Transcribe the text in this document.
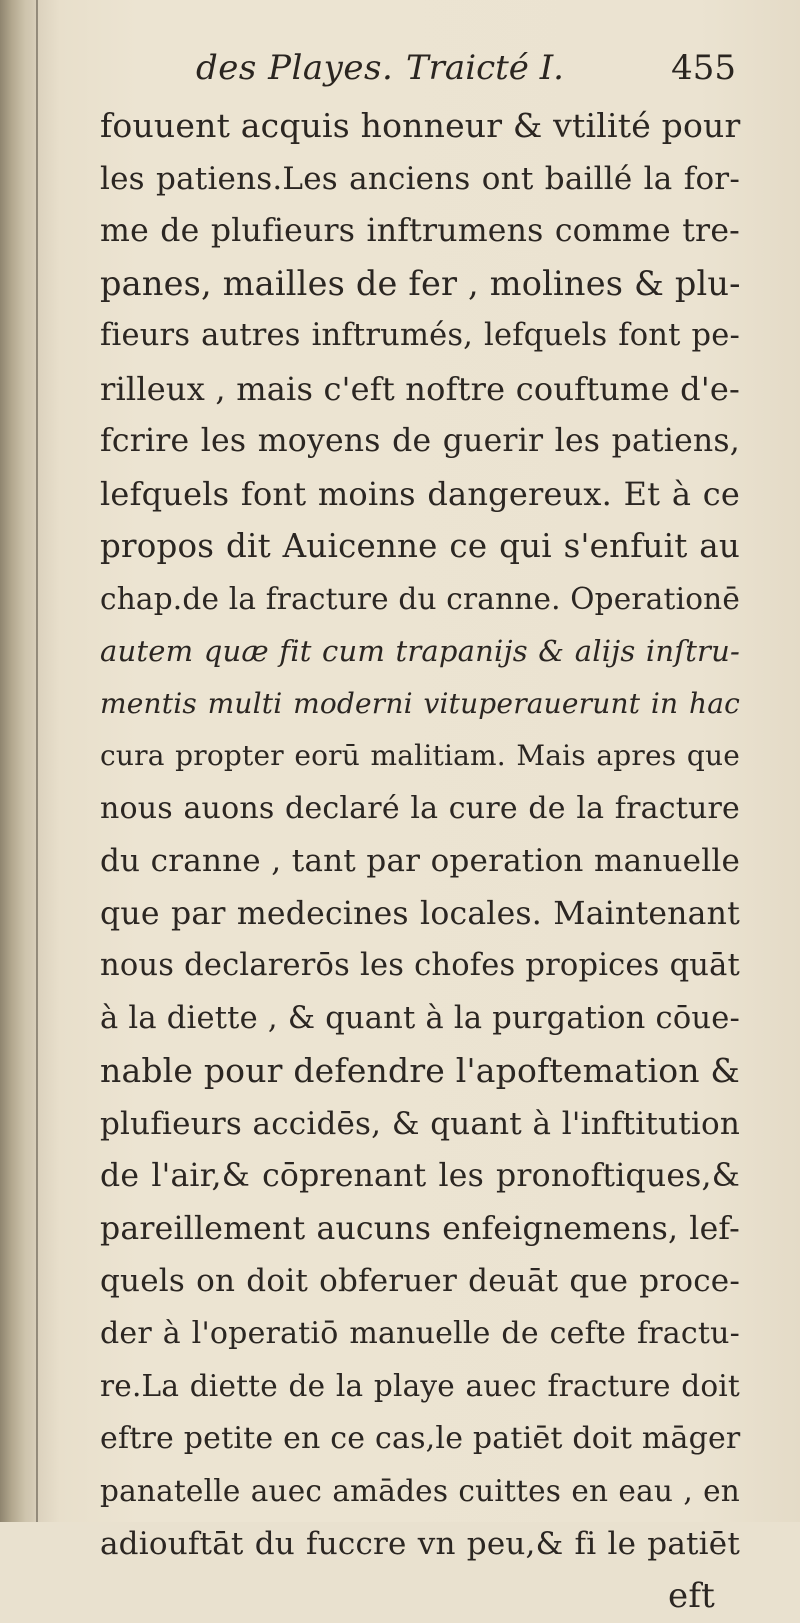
des Playes. Traicté I.	455
fouuent acquis honneur & vtilité pour
les patiens.Les anciens ont baillé la for-
me de plufieurs inftrumens comme tre-
panes, mailles de fer , molines & plu-
fieurs autres inftrumés, lefquels font pe-
rilleux , mais c'eft noftre couftume d'e-
fcrire les moyens de guerir les patiens,
lefquels font moins dangereux. Et à ce
propos dit Auicenne ce qui s'enfuit au
chap.de la fracture du cranne. Operationē
autem quæ fit cum trapanijs & alijs inſtru-
mentis multi moderni vituperauerunt in hac
cura propter eorū malitiam. Mais apres que
nous auons declaré la cure de la fracture
du cranne , tant par operation manuelle
que par medecines locales. Maintenant
nous declarerōs les chofes propices quāt
à la diette , & quant à la purgation cōue-
nable pour defendre l'apoftemation &
plufieurs accidēs, & quant à l'inftitution
de l'air,& cōprenant les pronoftiques,&
pareillement aucuns enfeignemens, lef-
quels on doit obferuer deuāt que proce-
der à l'operatiō manuelle de cefte fractu-
re.La diette de la playe auec fracture doit
eftre petite en ce cas,le patiēt doit māger
panatelle auec amādes cuittes en eau , en
adiouftāt du fuccre vn peu,& fi le patiēt
eft
